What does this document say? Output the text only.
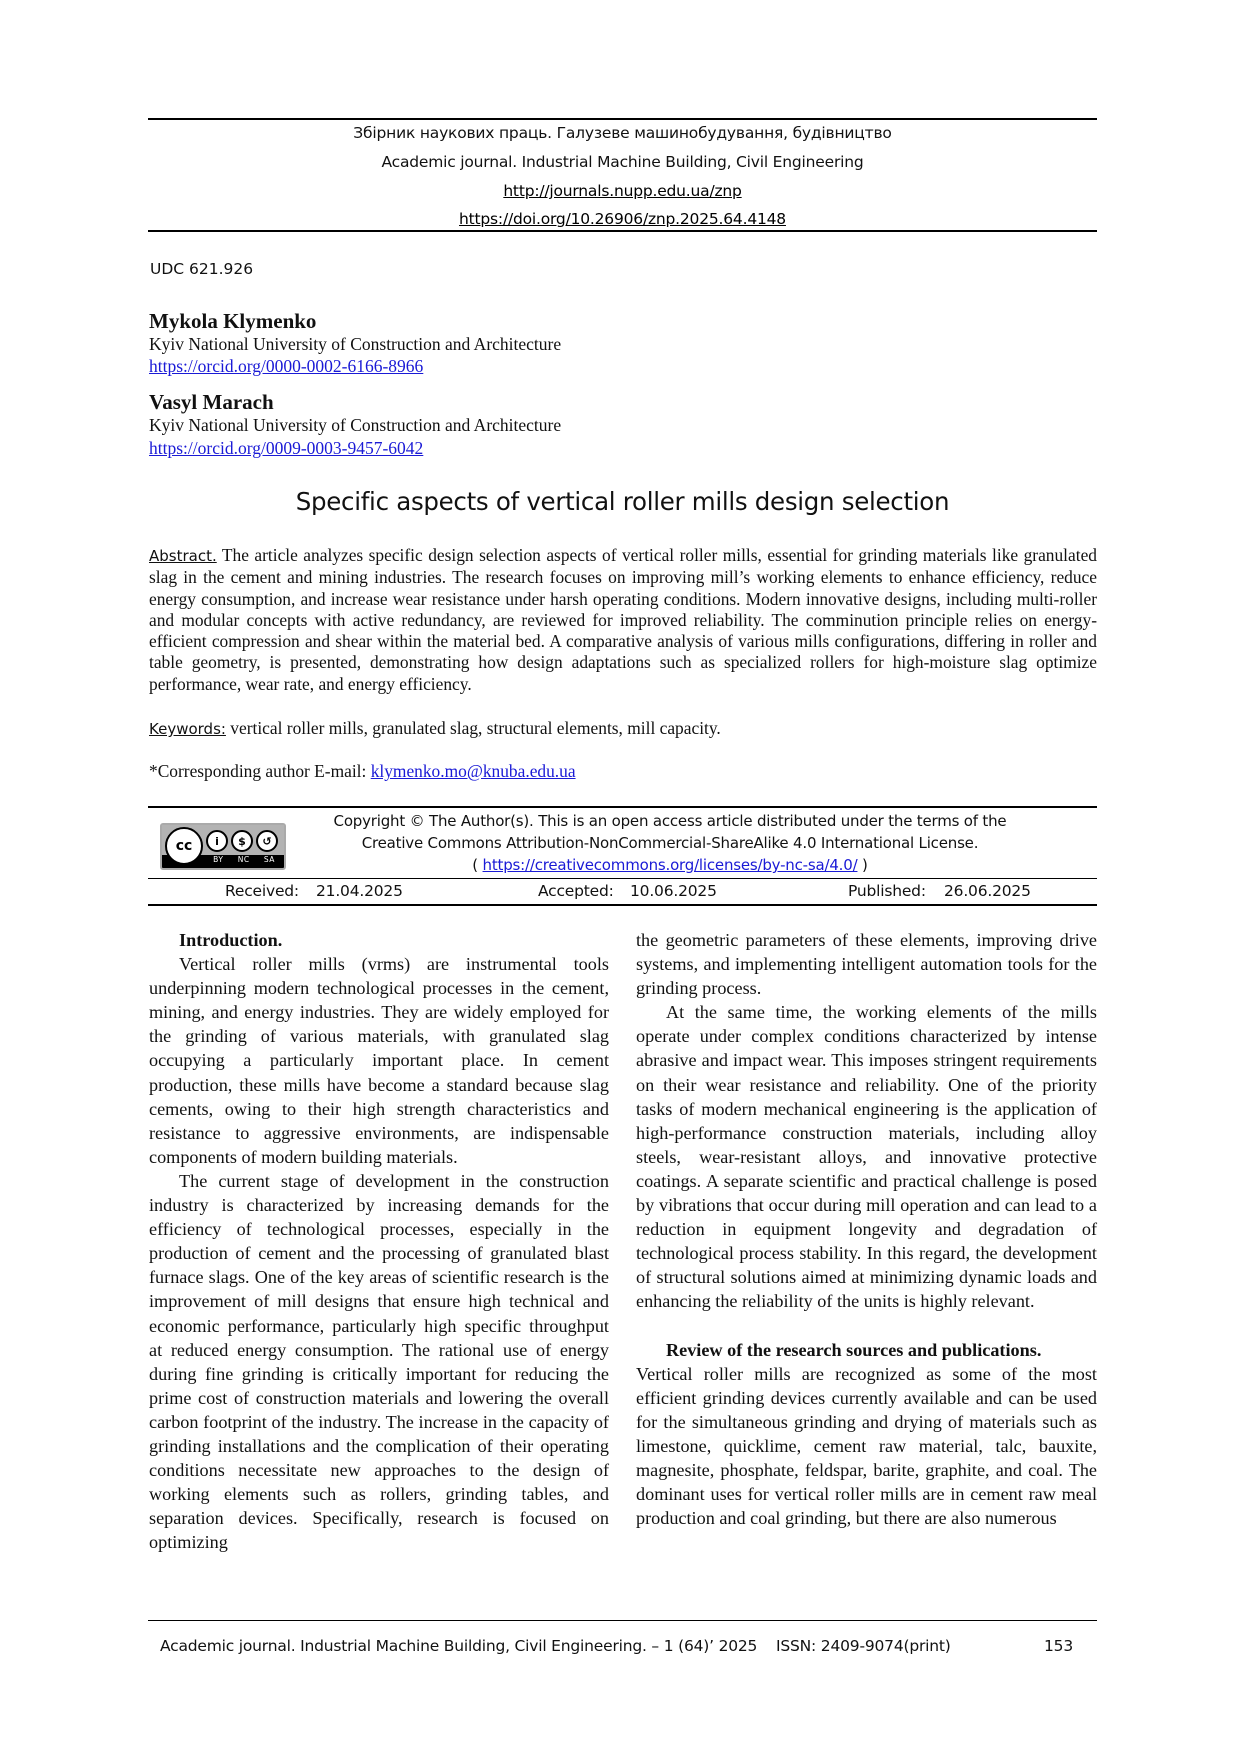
Збірник наукових праць. Галузеве машинобудування, будівництво
Academic journal. Industrial Machine Building, Civil Engineering
http://journals.nupp.edu.ua/znp
https://doi.org/10.26906/znp.2025.64.4148
UDC 621.926
Mykola Klymenko
Kyiv National University of Construction and Architecture
https://orcid.org/0000-0002-6166-8966
Vasyl Marach
Kyiv National University of Construction and Architecture
https://orcid.org/0009-0003-9457-6042
Specific aspects of vertical roller mills design selection
Abstract. The article analyzes specific design selection aspects of vertical roller mills, essential for grinding materials like granulated slag in the cement and mining industries. The research focuses on improving mill’s working elements to enhance efficiency, reduce energy consumption, and increase wear resistance under harsh operating conditions. Modern innovative designs, including multi-roller and modular concepts with active redundancy, are reviewed for improved reliability. The comminution principle relies on energy-efficient compression and shear within the material bed. A comparative analysis of various mills configurations, differing in roller and table geometry, is presented, demonstrating how design adaptations such as specialized rollers for high-moisture slag optimize performance, wear rate, and energy efficiency.
Keywords: vertical roller mills, granulated slag, structural elements, mill capacity.
*Corresponding author E-mail: klymenko.mo@knuba.edu.ua
cc	i	$	↺
BY NC SA
Copyright © The Author(s). This is an open access article distributed under the terms of the
Creative Commons Attribution-NonCommercial-ShareAlike 4.0 International License.
( https://creativecommons.org/licenses/by-nc-sa/4.0/ )
Received: 21.04.2025	Accepted: 10.06.2025	Published: 26.06.2025

Introduction.

Vertical roller mills (vrms) are instrumental tools underpinning modern technological processes in the cement, mining, and energy industries. They are widely employed for the grinding of various materials, with granulated slag occupying a particularly important place. In cement production, these mills have become a standard because slag cements, owing to their high strength characteristics and resistance to aggressive environments, are indispensable components of modern building materials.

The current stage of development in the construction industry is characterized by increasing demands for the efficiency of technological processes, especially in the production of cement and the processing of granulated blast furnace slags. One of the key areas of scientific research is the improvement of mill designs that ensure high technical and economic performance, particularly high specific throughput at reduced energy consumption. The rational use of energy during fine grinding is critically important for reducing the prime cost of construction materials and lowering the overall carbon footprint of the industry. The increase in the capacity of grinding installations and the complication of their operating conditions necessitate new approaches to the design of working elements such as rollers, grinding tables, and separation devices. Specifically, research is focused on optimizing

the geometric parameters of these elements, improving drive systems, and implementing intelligent automation tools for the grinding process.

At the same time, the working elements of the mills operate under complex conditions characterized by intense abrasive and impact wear. This imposes stringent requirements on their wear resistance and reliability. One of the priority tasks of modern mechanical engineering is the application of high-performance construction materials, including alloy steels, wear-resistant alloys, and innovative protective coatings. A separate scientific and practical challenge is posed by vibrations that occur during mill operation and can lead to a reduction in equipment longevity and degradation of technological process stability. In this regard, the development of structural solutions aimed at minimizing dynamic loads and enhancing the reliability of the units is highly relevant.

Review of the research sources and publications.

Vertical roller mills are recognized as some of the most efficient grinding devices currently available and can be used for the simultaneous grinding and drying of materials such as limestone, quicklime, cement raw material, talc, bauxite, magnesite, phosphate, feldspar, barite, graphite, and coal. The dominant uses for vertical roller mills are in cement raw meal production and coal grinding, but there are also numerous

Academic journal. Industrial Machine Building, Civil Engineering. – 1 (64)’ 2025 ISSN: 2409-9074(print)	153
